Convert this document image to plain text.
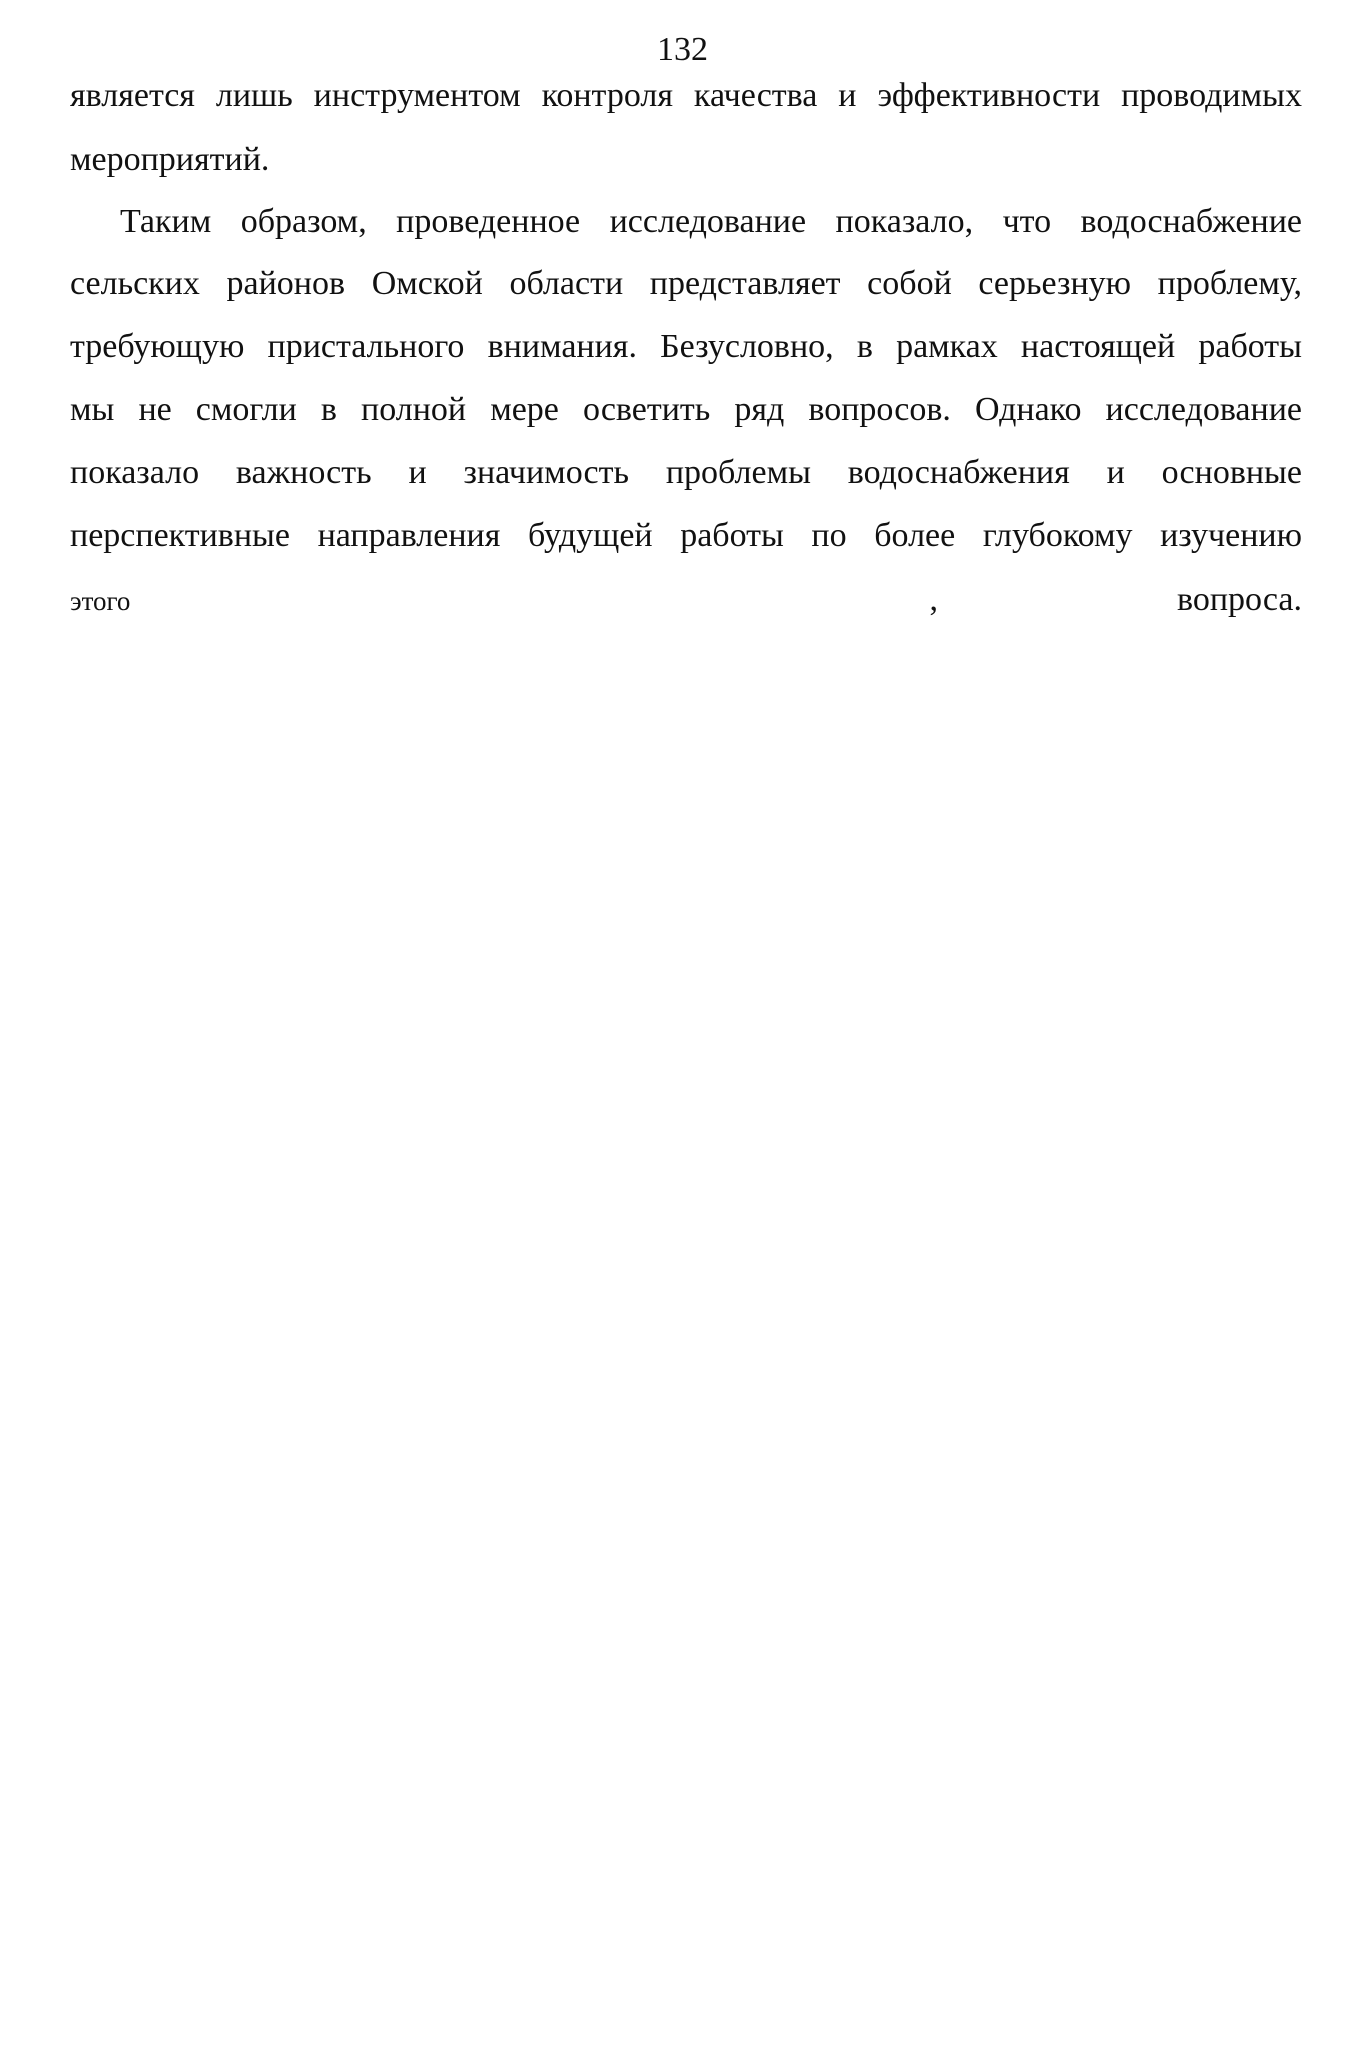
132
является лишь инструментом контроля качества и эффективности проводимых
мероприятий.
Таким образом, проведенное исследование показало, что водоснабжение
сельских районов Омской области представляет собой серьезную проблему,
требующую пристального внимания. Безусловно, в рамках настоящей работы
мы не смогли в полной мере осветить ряд вопросов. Однако исследование
показало важность и значимость проблемы водоснабжения и основные
перспективные направления будущей работы по более глубокому изучению
этого	,	вопроса.
